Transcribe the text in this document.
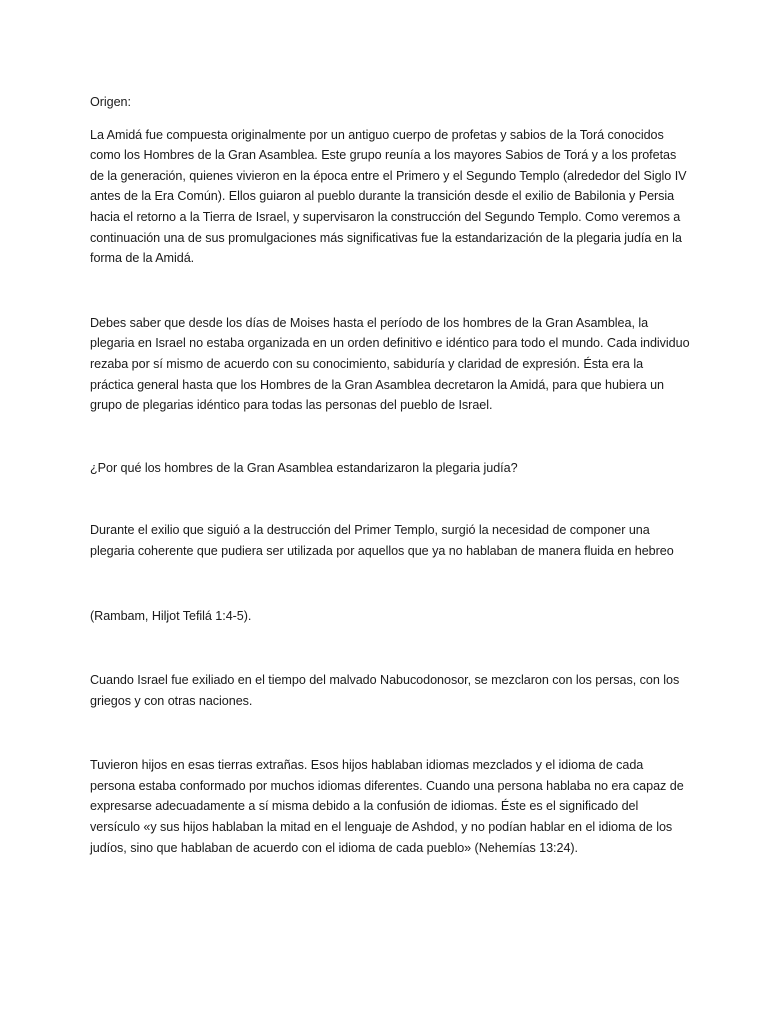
Origen:

La Amidá fue compuesta originalmente por un antiguo cuerpo de profetas y sabios de la Torá conocidos como los Hombres de la Gran Asamblea. Este grupo reunía a los mayores Sabios de Torá y a los profetas de la generación, quienes vivieron en la época entre el Primero y el Segundo Templo (alrededor del Siglo IV antes de la Era Común). Ellos guiaron al pueblo durante la transición desde el exilio de Babilonia y Persia hacia el retorno a la Tierra de Israel, y supervisaron la construcción del Segundo Templo. Como veremos a continuación una de sus promulgaciones más significativas fue la estandarización de la plegaria judía en la forma de la Amidá.

Debes saber que desde los días de Moises hasta el período de los hombres de la Gran Asamblea, la plegaria en Israel no estaba organizada en un orden definitivo e idéntico para todo el mundo. Cada individuo rezaba por sí mismo de acuerdo con su conocimiento, sabiduría y claridad de expresión. Ésta era la práctica general hasta que los Hombres de la Gran Asamblea decretaron la Amidá, para que hubiera un grupo de plegarias idéntico para todas las personas del pueblo de Israel.

¿Por qué los hombres de la Gran Asamblea estandarizaron la plegaria judía?

Durante el exilio que siguió a la destrucción del Primer Templo, surgió la necesidad de componer una plegaria coherente que pudiera ser utilizada por aquellos que ya no hablaban de manera fluida en hebreo

(Rambam, Hiljot Tefilá 1:4-5).

Cuando Israel fue exiliado en el tiempo del malvado Nabucodonosor, se mezclaron con los persas, con los griegos y con otras naciones.

Tuvieron hijos en esas tierras extrañas. Esos hijos hablaban idiomas mezclados y el idioma de cada persona estaba conformado por muchos idiomas diferentes. Cuando una persona hablaba no era capaz de expresarse adecuadamente a sí misma debido a la confusión de idiomas. Éste es el significado del versículo «y sus hijos hablaban la mitad en el lenguaje de Ashdod, y no podían hablar en el idioma de los judíos, sino que hablaban de acuerdo con el idioma de cada pueblo» (Nehemías 13:24).
